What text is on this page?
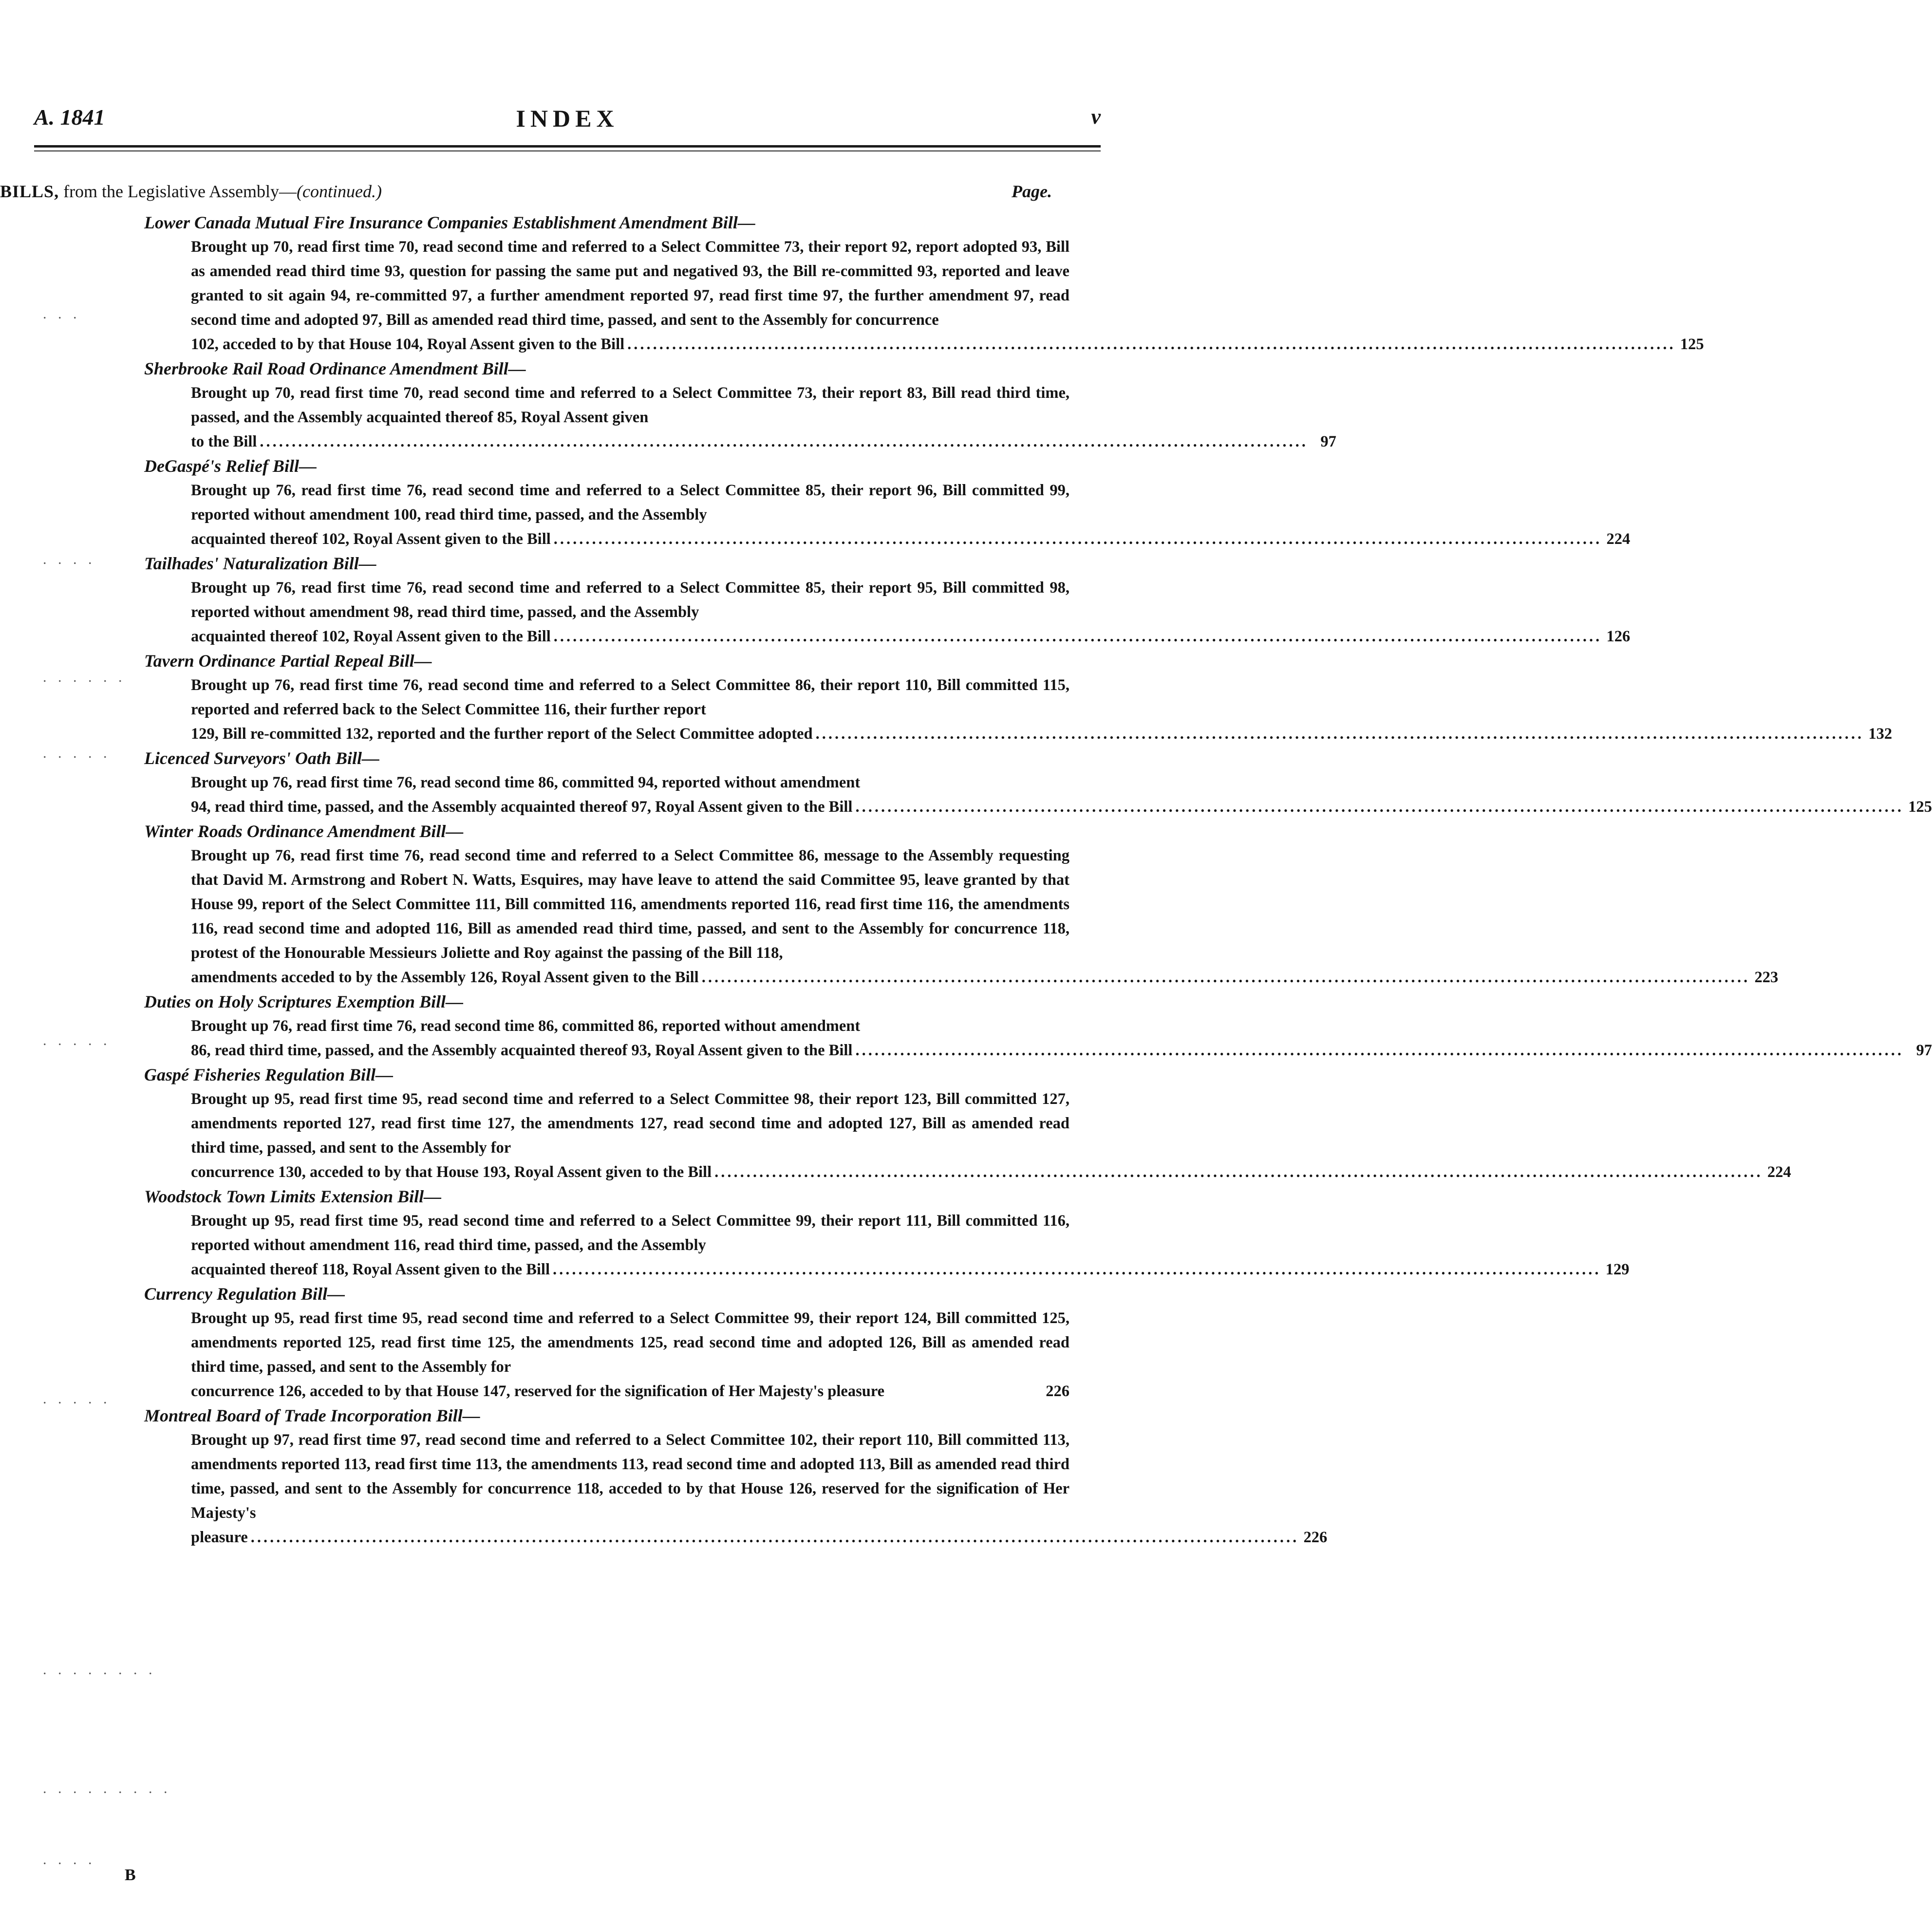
A. 1841	INDEX	v
BILLS, from the Legislative Assembly—(continued.)	Page.
. . .
. . . .
. . . . . .
. . . . .
. . . . .
. . . . .
. . . . . . . .
. . . . . . . . .
. . . .
Lower Canada Mutual Fire Insurance Companies Establishment Amendment Bill—
Brought up 70, read first time 70, read second time and referred to a Select Committee 73, their report 92, report adopted 93, Bill as amended read third time 93, question for passing the same put and negatived 93, the Bill re-committed 93, reported and leave granted to sit again 94, re-committed 97, a further amendment reported 97, read first time 97, the further amendment 97, read second time and adopted 97, Bill as amended read third time, passed, and sent to the Assembly for concurrence
102, acceded to by that House 104, Royal Assent given to the Bill .................................................................................................................................................................... 125
Sherbrooke Rail Road Ordinance Amendment Bill—
Brought up 70, read first time 70, read second time and referred to a Select Committee 73, their report 83, Bill read third time, passed, and the Assembly acquainted thereof 85, Royal Assent given
to the Bill .................................................................................................................................................................... 97
DeGaspé's Relief Bill—
Brought up 76, read first time 76, read second time and referred to a Select Committee 85, their report 96, Bill committed 99, reported without amendment 100, read third time, passed, and the Assembly
acquainted thereof 102, Royal Assent given to the Bill .................................................................................................................................................................... 224
Tailhades' Naturalization Bill—
Brought up 76, read first time 76, read second time and referred to a Select Committee 85, their report 95, Bill committed 98, reported without amendment 98, read third time, passed, and the Assembly
acquainted thereof 102, Royal Assent given to the Bill .................................................................................................................................................................... 126
Tavern Ordinance Partial Repeal Bill—
Brought up 76, read first time 76, read second time and referred to a Select Committee 86, their report 110, Bill committed 115, reported and referred back to the Select Committee 116, their further report
129, Bill re-committed 132, reported and the further report of the Select Committee adopted .................................................................................................................................................................... 132
Licenced Surveyors' Oath Bill—
Brought up 76, read first time 76, read second time 86, committed 94, reported without amendment
94, read third time, passed, and the Assembly acquainted thereof 97, Royal Assent given to the Bill .................................................................................................................................................................... 125
Winter Roads Ordinance Amendment Bill—
Brought up 76, read first time 76, read second time and referred to a Select Committee 86, message to the Assembly requesting that David M. Armstrong and Robert N. Watts, Esquires, may have leave to attend the said Committee 95, leave granted by that House 99, report of the Select Committee 111, Bill committed 116, amendments reported 116, read first time 116, the amendments 116, read second time and adopted 116, Bill as amended read third time, passed, and sent to the Assembly for concurrence 118, protest of the Honourable Messieurs Joliette and Roy against the passing of the Bill 118,
amendments acceded to by the Assembly 126, Royal Assent given to the Bill .................................................................................................................................................................... 223
Duties on Holy Scriptures Exemption Bill—
Brought up 76, read first time 76, read second time 86, committed 86, reported without amendment
86, read third time, passed, and the Assembly acquainted thereof 93, Royal Assent given to the Bill .................................................................................................................................................................... 97
Gaspé Fisheries Regulation Bill—
Brought up 95, read first time 95, read second time and referred to a Select Committee 98, their report 123, Bill committed 127, amendments reported 127, read first time 127, the amendments 127, read second time and adopted 127, Bill as amended read third time, passed, and sent to the Assembly for
concurrence 130, acceded to by that House 193, Royal Assent given to the Bill .................................................................................................................................................................... 224
Woodstock Town Limits Extension Bill—
Brought up 95, read first time 95, read second time and referred to a Select Committee 99, their report 111, Bill committed 116, reported without amendment 116, read third time, passed, and the Assembly
acquainted thereof 118, Royal Assent given to the Bill .................................................................................................................................................................... 129
Currency Regulation Bill—
Brought up 95, read first time 95, read second time and referred to a Select Committee 99, their report 124, Bill committed 125, amendments reported 125, read first time 125, the amendments 125, read second time and adopted 126, Bill as amended read third time, passed, and sent to the Assembly for
concurrence 126, acceded to by that House 147, reserved for the signification of Her Majesty's pleasure	226
Montreal Board of Trade Incorporation Bill—
Brought up 97, read first time 97, read second time and referred to a Select Committee 102, their report 110, Bill committed 113, amendments reported 113, read first time 113, the amendments 113, read second time and adopted 113, Bill as amended read third time, passed, and sent to the Assembly for concurrence 118, acceded to by that House 126, reserved for the signification of Her Majesty's
pleasure .................................................................................................................................................................... 226
B
